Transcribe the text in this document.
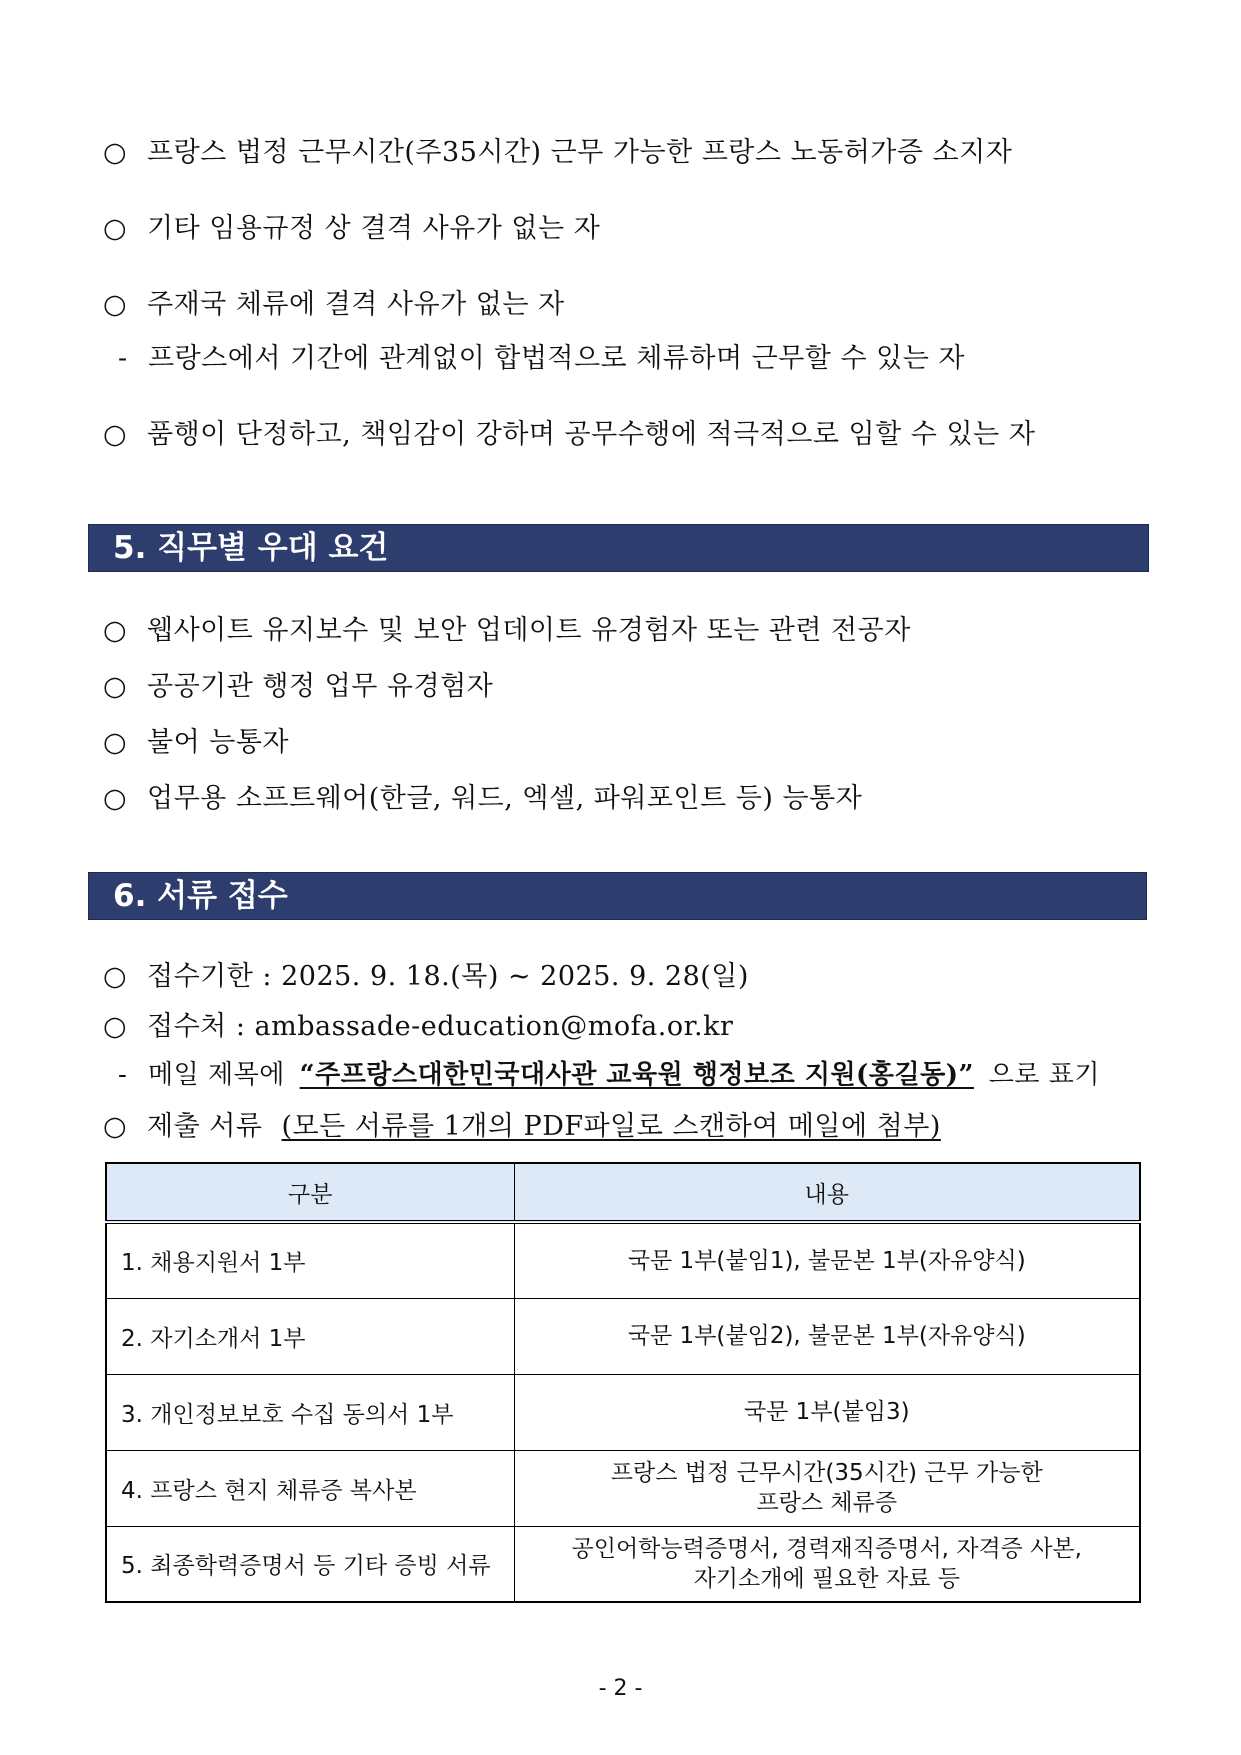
○ 프랑스 법정 근무시간(주35시간) 근무 가능한 프랑스 노동허가증 소지자
○ 기타 임용규정 상 결격 사유가 없는 자
○ 주재국 체류에 결격 사유가 없는 자
- 프랑스에서 기간에 관계없이 합법적으로 체류하며 근무할 수 있는 자
○ 품행이 단정하고, 책임감이 강하며 공무수행에 적극적으로 임할 수 있는 자
5. 직무별 우대 요건
○ 웹사이트 유지보수 및 보안 업데이트 유경험자 또는 관련 전공자
○ 공공기관 행정 업무 유경험자
○ 불어 능통자
○ 업무용 소프트웨어(한글, 워드, 엑셀, 파워포인트 등) 능통자
6. 서류 접수
○ 접수기한 : 2025. 9. 18.(목) ~ 2025. 9. 28(일)
○ 접수처 : ambassade-education@mofa.or.kr
- 메일 제목에 “주프랑스대한민국대사관 교육원 행정보조 지원(홍길동)” 으로 표기
○ 제출 서류 (모든 서류를 1개의 PDF파일로 스캔하여 메일에 첨부)
구분	내용
1. 채용지원서 1부	국문 1부(붙임1), 불문본 1부(자유양식)
2. 자기소개서 1부	국문 1부(붙임2), 불문본 1부(자유양식)
3. 개인정보보호 수집 동의서 1부	국문 1부(붙임3)
4. 프랑스 현지 체류증 복사본	프랑스 법정 근무시간(35시간) 근무 가능한
프랑스 체류증

5. 최종학력증명서 등 기타 증빙 서류	공인어학능력증명서, 경력재직증명서, 자격증 사본,
자기소개에 필요한 자료 등
- 2 -
